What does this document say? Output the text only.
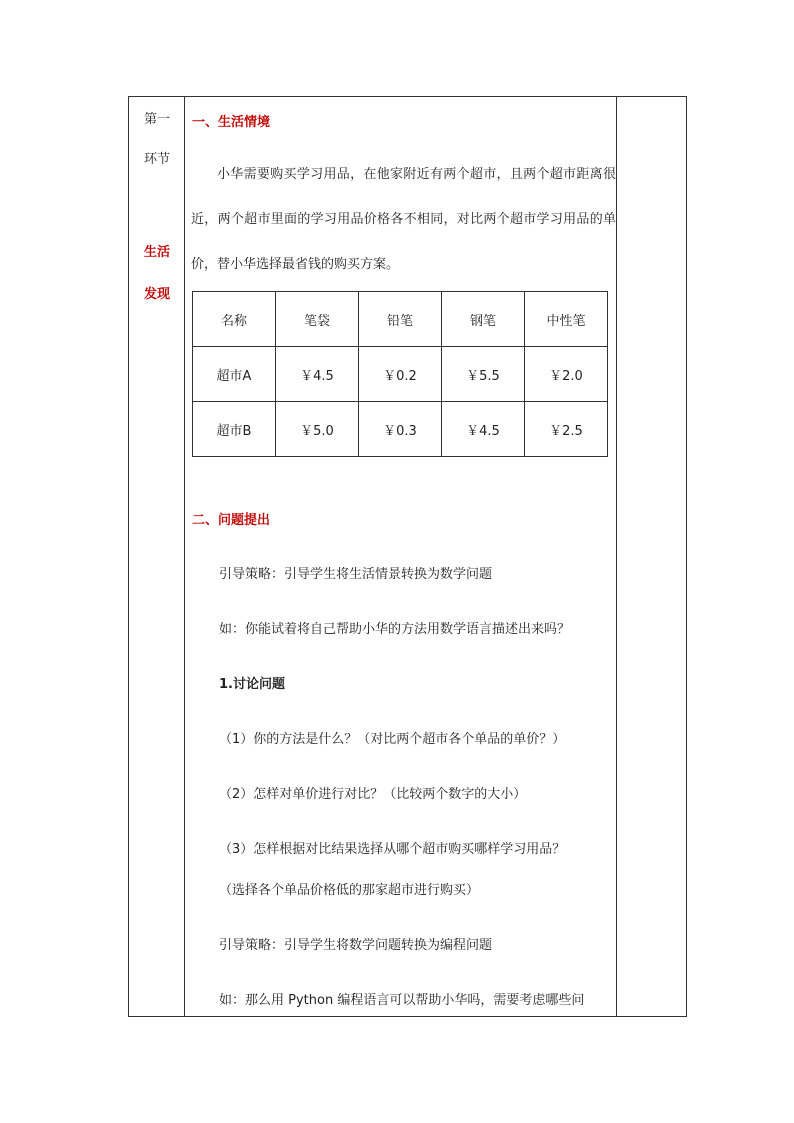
第一
环节
生活
发现
一、生活情境
小华需要购买学习用品，在他家附近有两个超市，且两个超市距离很近，两个超市里面的学习用品价格各不相同，对比两个超市学习用品的单价，替小华选择最省钱的购买方案。
名称	笔袋	铅笔	钢笔	中性笔
超市A	￥4.5	￥0.2	￥5.5	￥2.0
超市B	￥5.0	￥0.3	￥4.5	￥2.5
二、问题提出
引导策略：引导学生将生活情景转换为数学问题
如：你能试着将自己帮助小华的方法用数学语言描述出来吗？
1.讨论问题
（1）你的方法是什么？（对比两个超市各个单品的单价？）
（2）怎样对单价进行对比？（比较两个数字的大小）
（3）怎样根据对比结果选择从哪个超市购买哪样学习用品？
（选择各个单品价格低的那家超市进行购买）
引导策略：引导学生将数学问题转换为编程问题
如：那么用 Python 编程语言可以帮助小华吗，需要考虑哪些问
